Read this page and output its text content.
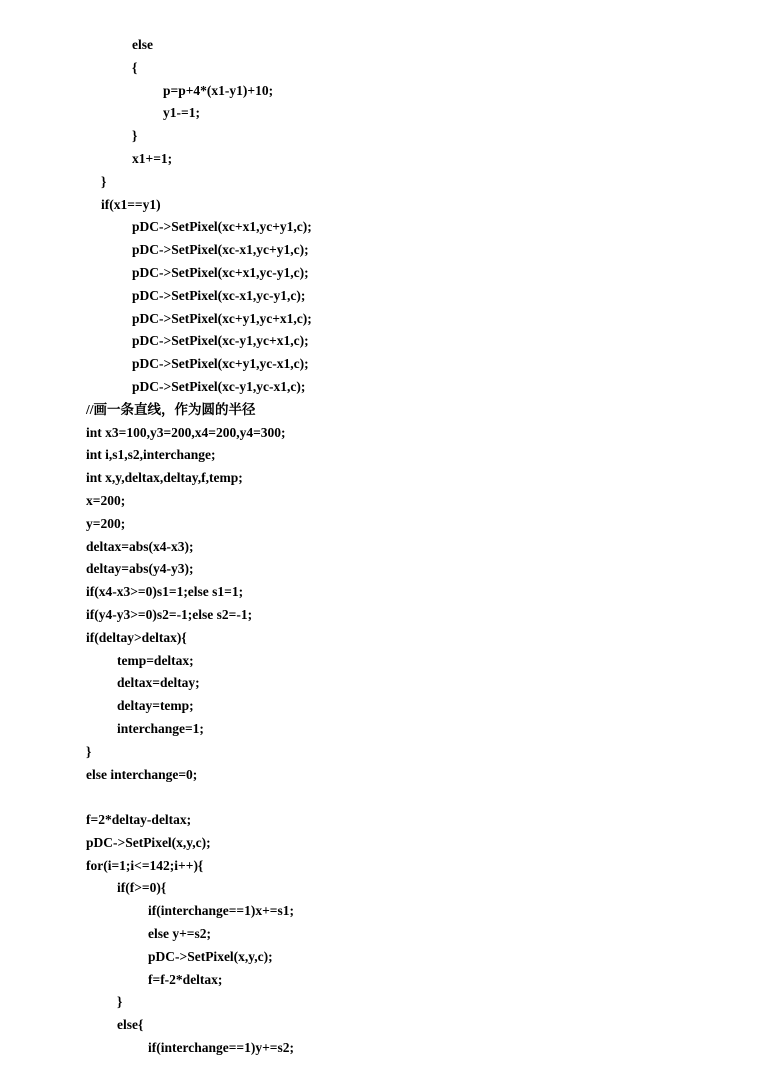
else
{
p=p+4*(x1-y1)+10;
y1-=1;
}
x1+=1;
}
if(x1==y1)
pDC->SetPixel(xc+x1,yc+y1,c);
pDC->SetPixel(xc-x1,yc+y1,c);
pDC->SetPixel(xc+x1,yc-y1,c);
pDC->SetPixel(xc-x1,yc-y1,c);
pDC->SetPixel(xc+y1,yc+x1,c);
pDC->SetPixel(xc-y1,yc+x1,c);
pDC->SetPixel(xc+y1,yc-x1,c);
pDC->SetPixel(xc-y1,yc-x1,c);
//画一条直线，作为圆的半径
int x3=100,y3=200,x4=200,y4=300;
int i,s1,s2,interchange;
int x,y,deltax,deltay,f,temp;
x=200;
y=200;
deltax=abs(x4-x3);
deltay=abs(y4-y3);
if(x4-x3>=0)s1=1;else s1=1;
if(y4-y3>=0)s2=-1;else s2=-1;
if(deltay>deltax){
temp=deltax;
deltax=deltay;
deltay=temp;
interchange=1;
}
else interchange=0;
f=2*deltay-deltax;
pDC->SetPixel(x,y,c);
for(i=1;i<=142;i++){
if(f>=0){
if(interchange==1)x+=s1;
else y+=s2;
pDC->SetPixel(x,y,c);
f=f-2*deltax;
}
else{
if(interchange==1)y+=s2;
